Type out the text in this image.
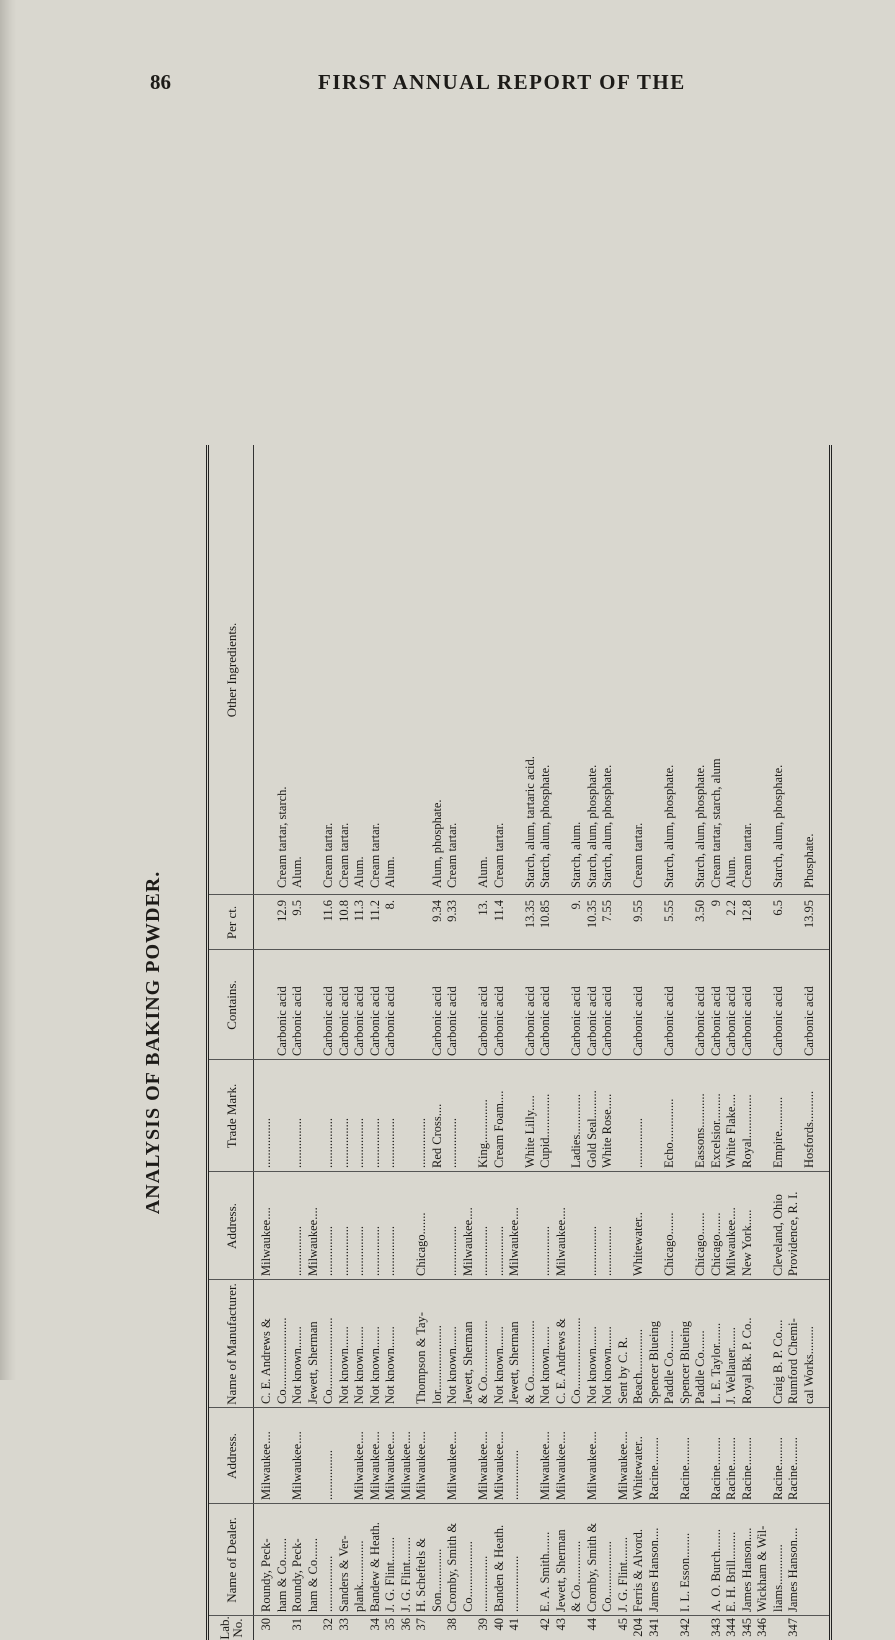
86	FIRST ANNUAL REPORT OF THE
ANALYSIS OF BAKING POWDER.
Lab. No.
Name of Dealer.
Address.
Name of Manufacturer.
Address.
Trade Mark.
Contains.
Per ct.
Other Ingredients.
30
Roundy, Peck-
Milwaukee....
C. E. Andrews &
Milwaukee....
................
ham & Co.......
Co.......................
Carbonic acid
12.9
Cream tartar, starch.
31
Roundy, Peck-
Milwaukee....
Not known.......
................
................
Carbonic acid
9.5
Alum.
ham & Co.......
Jewett, Sherman
Milwaukee....
32
..................
................
Co.......................
................
................
Carbonic acid
11.6
Cream tartar.
33
Sanders & Ver-
Not known.......
................
................
Carbonic acid
10.8
Cream tartar.
plank..............
Milwaukee....
Not known.......
................
................
Carbonic acid
11.3
Alum.
34
Bandew & Heath.
Milwaukee....
Not known.......
................
................
Carbonic acid
11.2
Cream tartar.
35
J. G. Flint........
Milwaukee....
Not known.......
................
................
Carbonic acid
8.
Alum.
36
J. G. Flint........
Milwaukee....
37
H. Scheftels &
Milwaukee....
Thompson & Tay-
Chicago.......
................
Son..............
lor.....................
Red Cross....
Carbonic acid
9.34
Alum, phosphate.
38
Cromby, Smith &
Milwaukee....
Not known.......
................
................
Carbonic acid
9.33
Cream tartar.
Co..................
Jewett, Sherman
Milwaukee....
39
..................
Milwaukee....
& Co..................
................
King..............
Carbonic acid
13.
Alum.
40
Banden & Heath.
Milwaukee....
Not known.......
................
Cream Foam....
Carbonic acid
11.4
Cream tartar.
41
..................
................
Jewett, Sherman
Milwaukee....
& Co..................
White Lilly.....
Carbonic acid
13.35
Starch, alum, tartaric acid.
42
E. A. Smith.......
Milwaukee....
Not known.......
................
Cupid..............
Carbonic acid
10.85
Starch, alum, phosphate.
43
Jewett, Sherman
Milwaukee....
C. E. Andrews &
Milwaukee....
& Co..............
Co.......................
Ladies.............
Carbonic acid
9.
Starch, alum.
44
Cromby, Smith &
Milwaukee....
Not known.......
................
Gold Seal.........
Carbonic acid
10.35
Starch, alum, phosphate.
Co..................
Not known.......
................
White Rose.....
Carbonic acid
7.55
Starch, alum, phosphate.
45
J. G. Flint........
Milwaukee....
Sent by C. R.
204
Ferris & Alvord.
Whitewater..
Beach..............
Whitewater..
................
Carbonic acid
9.55
Cream tartar.
341
James Hanson....
Racine.........
Spencer Blueing Paddle Co.......
Chicago.......
Echo..............
Carbonic acid
5.55
Starch, alum, phosphate.
342
I. L. Esson........
Racine.........
Spencer Blueing Paddle Co.......
Chicago.......
Eassons...........
Carbonic acid
3.50
Starch, alum, phosphate.
343
A. O. Burch.......
Racine.........
L. E. Taylor.......
Chicago.......
Excelsior.........
Carbonic acid
9
Cream tartar, starch, alum
344
E. H. Brill.........
Racine.........
J. Wellauer.......
Milwaukee....
White Flake....
Carbonic acid
2.2
Alum.
345
James Hanson....
Racine.........
Royal Bk. P. Co..
New York.....
Royal..............
Carbonic acid
12.8
Cream tartar.
346
Wickham & Wil- liams.............
Racine.........
Craig B. P. Co....
Cleveland, Ohio
Empire...........
Carbonic acid
6.5
Starch, alum, phosphate.
347
James Hanson....
Racine.........
Rumford Chemi-
Providence, R. I.
cal Works.........
Hosfords..........
Carbonic acid
13.95
Phosphate.
